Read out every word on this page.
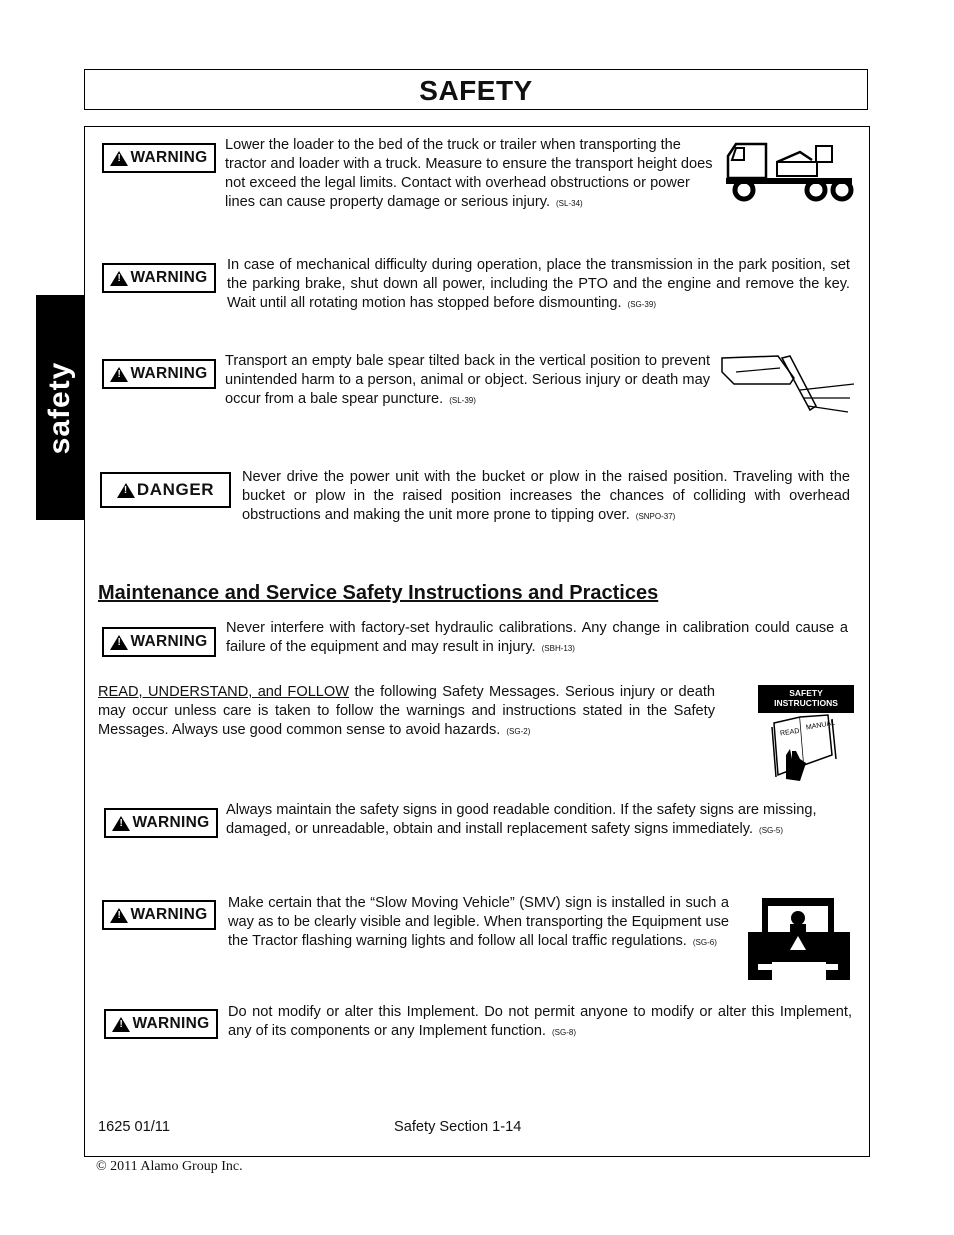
SAFETY
safety
!
WARNING
Lower the loader to the bed of the truck or trailer when transporting the tractor and loader with a truck. Measure to ensure the transport height does not exceed the legal limits. Contact with overhead obstructions or power lines can cause property damage or serious injury. (SL-34)
!
WARNING
In case of mechanical difficulty during operation, place the transmission in the park position, set the parking brake, shut down all power, including the PTO and the engine and remove the key. Wait until all rotating motion has stopped before dismounting. (SG-39)
!
WARNING
Transport an empty bale spear tilted back in the vertical position to prevent unintended harm to a person, animal or object. Serious injury or death may occur from a bale spear puncture. (SL-39)
!
DANGER
Never drive the power unit with the bucket or plow in the raised position. Traveling with the bucket or plow in the raised position increases the chances of colliding with overhead obstructions and making the unit more prone to tipping over. (SNPO-37)
Maintenance and Service Safety Instructions and Practices
!
WARNING
Never interfere with factory-set hydraulic calibrations. Any change in calibration could cause a failure of the equipment and may result in injury. (SBH-13)
READ, UNDERSTAND, and FOLLOW the following Safety Messages. Serious injury or death may occur unless care is taken to follow the warnings and instructions stated in the Safety Messages. Always use good common sense to avoid hazards. (SG-2)
SAFETY
INSTRUCTIONS
READ
MANUAL
!
WARNING
Always maintain the safety signs in good readable condition. If the safety signs are missing, damaged, or unreadable, obtain and install replacement safety signs immediately. (SG-5)
!
WARNING
Make certain that the “Slow Moving Vehicle” (SMV) sign is installed in such a way as to be clearly visible and legible. When transporting the Equipment use the Tractor flashing warning lights and follow all local traffic regulations. (SG-6)
!
WARNING
Do not modify or alter this Implement. Do not permit anyone to modify or alter this Implement, any of its components or any Implement function. (SG-8)
1625 01/11	Safety Section 1-14
© 2011 Alamo Group Inc.
